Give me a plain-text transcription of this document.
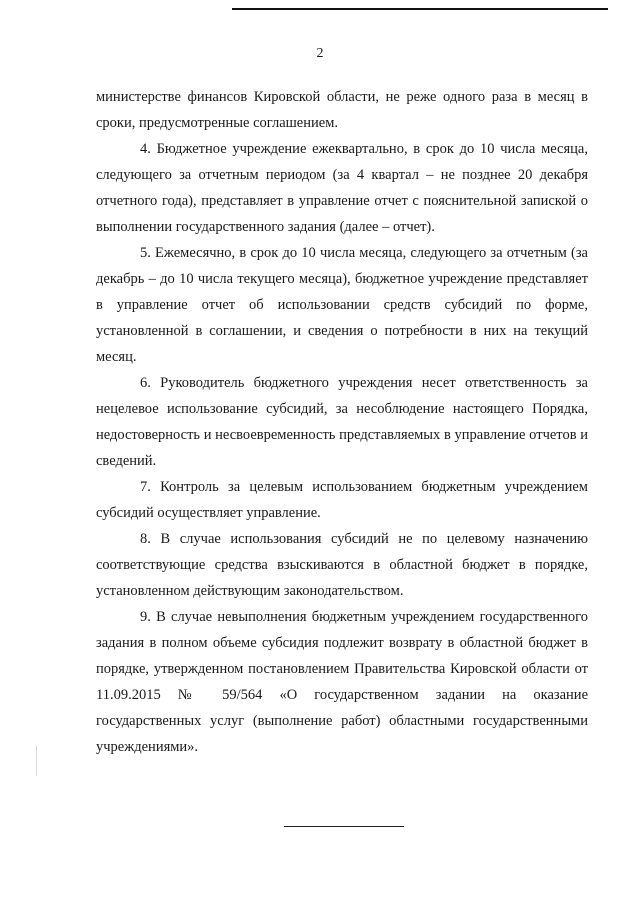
2

министерстве финансов Кировской области, не реже одного раза в месяц в сроки, предусмотренные соглашением.

4. Бюджетное учреждение ежеквартально, в срок до 10 числа месяца, следующего за отчетным периодом (за 4 квартал – не позднее 20 декабря отчетного года), представляет в управление отчет с пояснительной запиской о выполнении государственного задания (далее – отчет).

5. Ежемесячно, в срок до 10 числа месяца, следующего за отчетным (за декабрь – до 10 числа текущего месяца), бюджетное учреждение представляет в управление отчет об использовании средств субсидий по форме, установленной в соглашении, и сведения о потребности в них на текущий месяц.

6. Руководитель бюджетного учреждения несет ответственность за нецелевое использование субсидий, за несоблюдение настоящего Порядка, недостоверность и несвоевременность представляемых в управление отчетов и сведений.

7. Контроль за целевым использованием бюджетным учреждением субсидий осуществляет управление.

8. В случае использования субсидий не по целевому назначению соответствующие средства взыскиваются в областной бюджет в порядке, установленном действующим законодательством.

9. В случае невыполнения бюджетным учреждением государственного задания в полном объеме субсидия подлежит возврату в областной бюджет в порядке, утвержденном постановлением Правительства Кировской области от 11.09.2015 № 59/564 «О государственном задании на оказание государственных услуг (выполнение работ) областными государственными учреждениями».
